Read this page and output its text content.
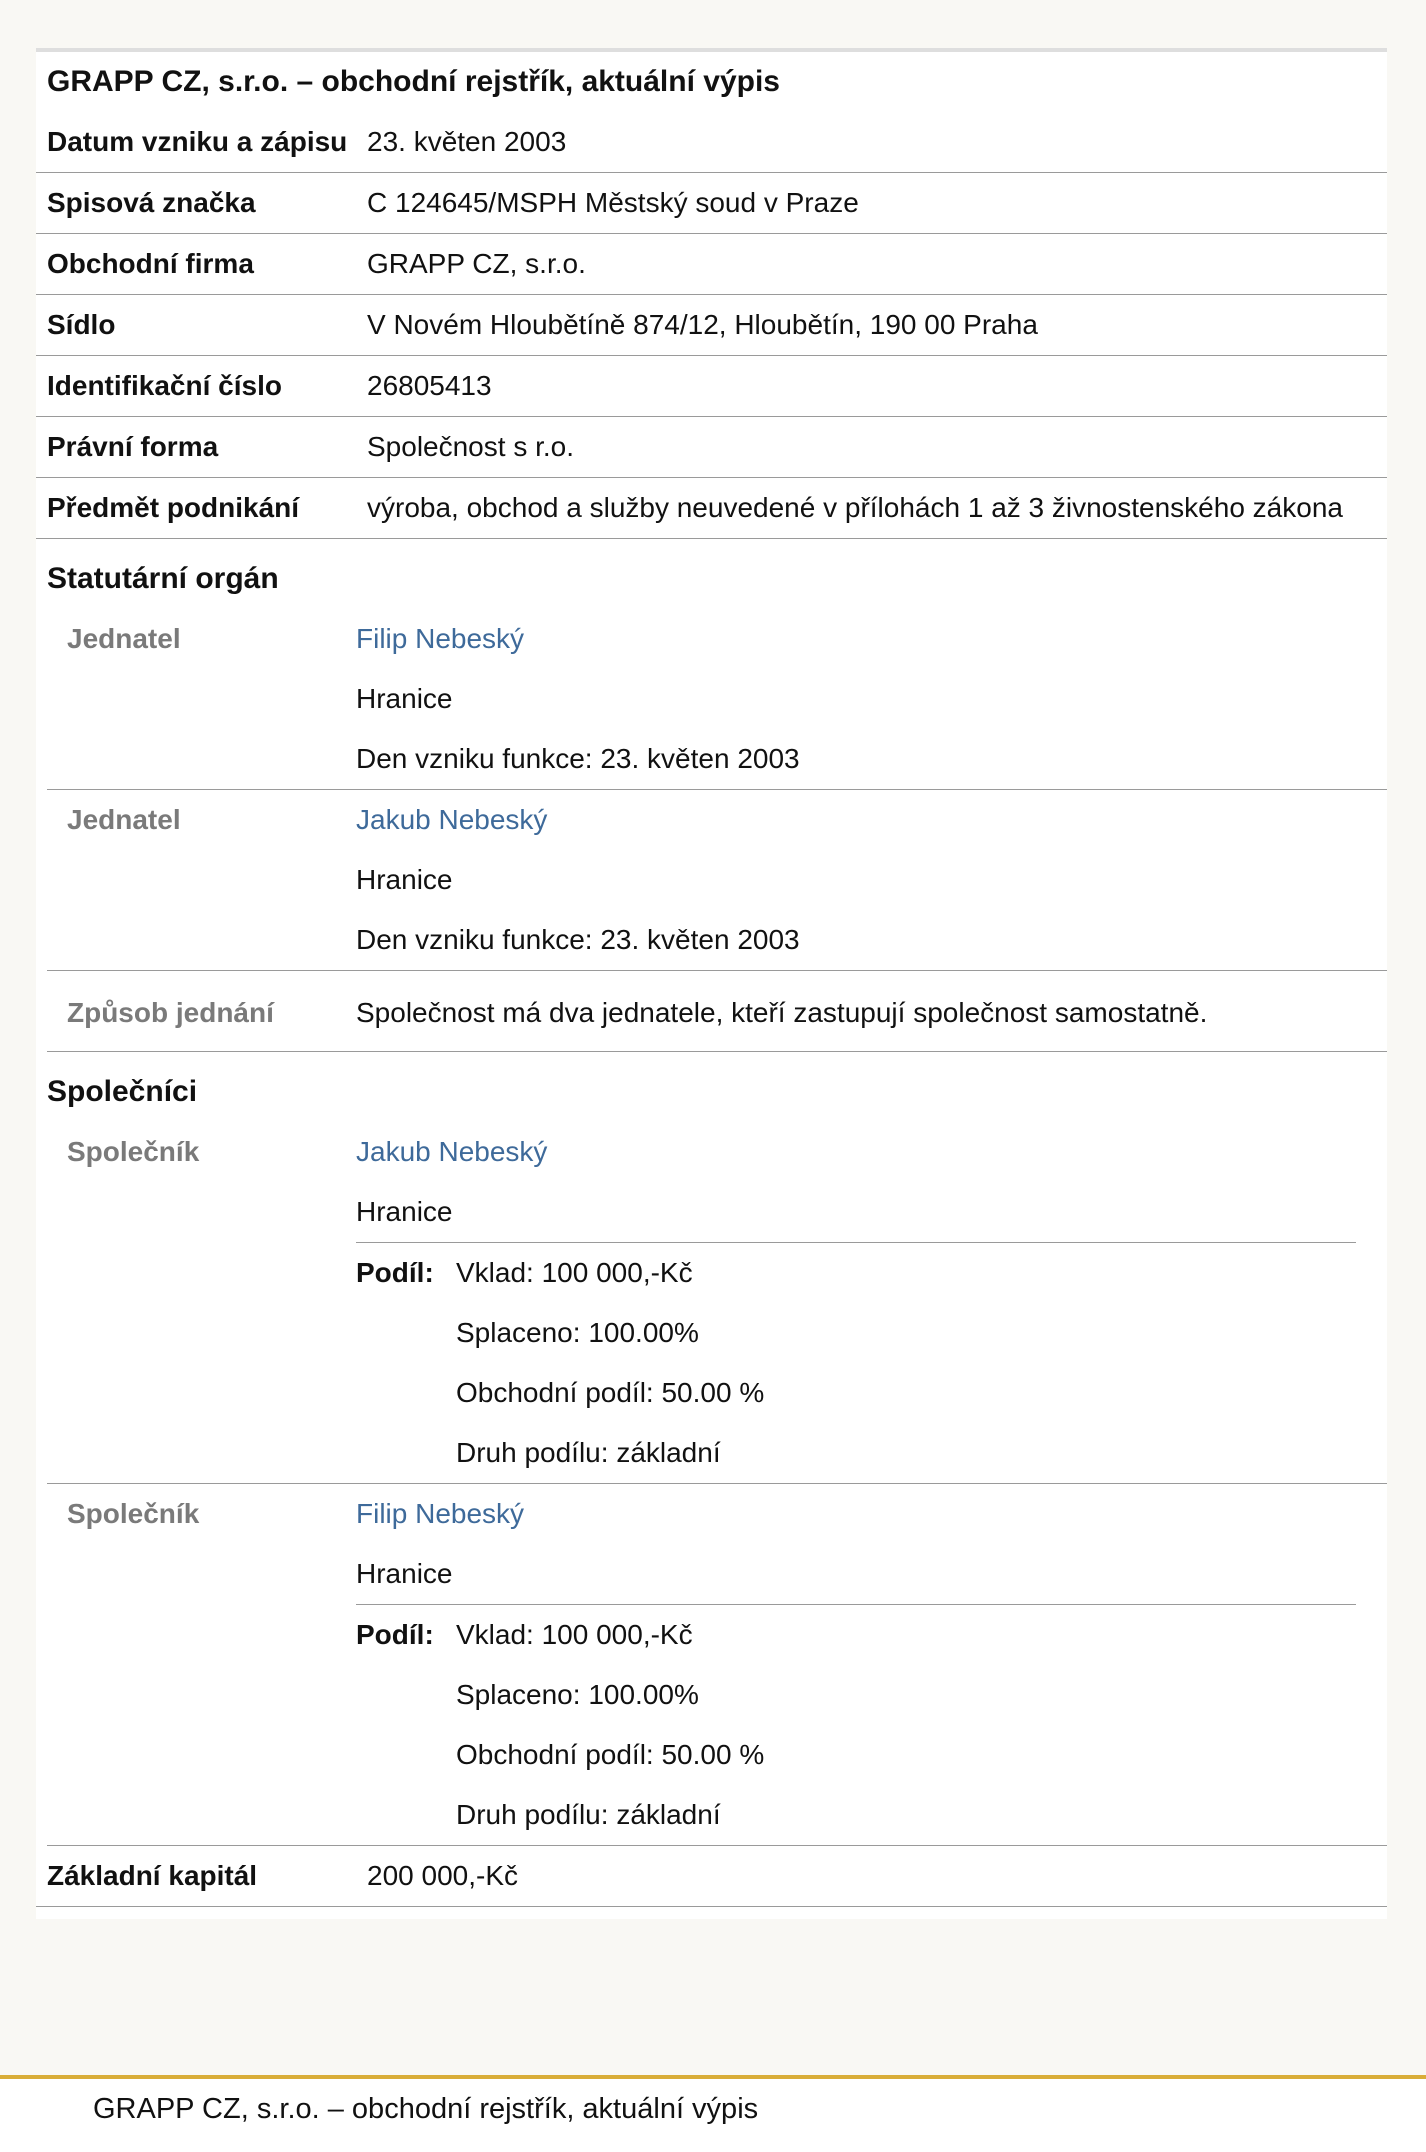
GRAPP CZ, s.r.o. – obchodní rejstřík, aktuální výpis
Datum vzniku a zápisu 23. květen 2003
Spisová značka	C 124645/MSPH Městský soud v Praze
Obchodní firma	GRAPP CZ, s.r.o.
Sídlo	V Novém Hloubětíně 874/12, Hloubětín, 190 00 Praha
Identifikační číslo	26805413
Právní forma	Společnost s r.o.
Předmět podnikání	výroba, obchod a služby neuvedené v přílohách 1 až 3 živnostenského zákona
Statutární orgán
Jednatel	Filip Nebeský
Hranice
Den vzniku funkce: 23. květen 2003
Jednatel	Jakub Nebeský
Hranice
Den vzniku funkce: 23. květen 2003
Způsob jednání	Společnost má dva jednatele, kteří zastupují společnost samostatně.
Společníci
Společník	Jakub Nebeský
Hranice
Podíl: Vklad: 100 000,-Kč
Splaceno: 100.00%
Obchodní podíl: 50.00 %
Druh podílu: základní
Společník	Filip Nebeský
Hranice
Podíl: Vklad: 100 000,-Kč
Splaceno: 100.00%
Obchodní podíl: 50.00 %
Druh podílu: základní
Základní kapitál	200 000,-Kč
GRAPP CZ, s.r.o. – obchodní rejstřík, aktuální výpis
